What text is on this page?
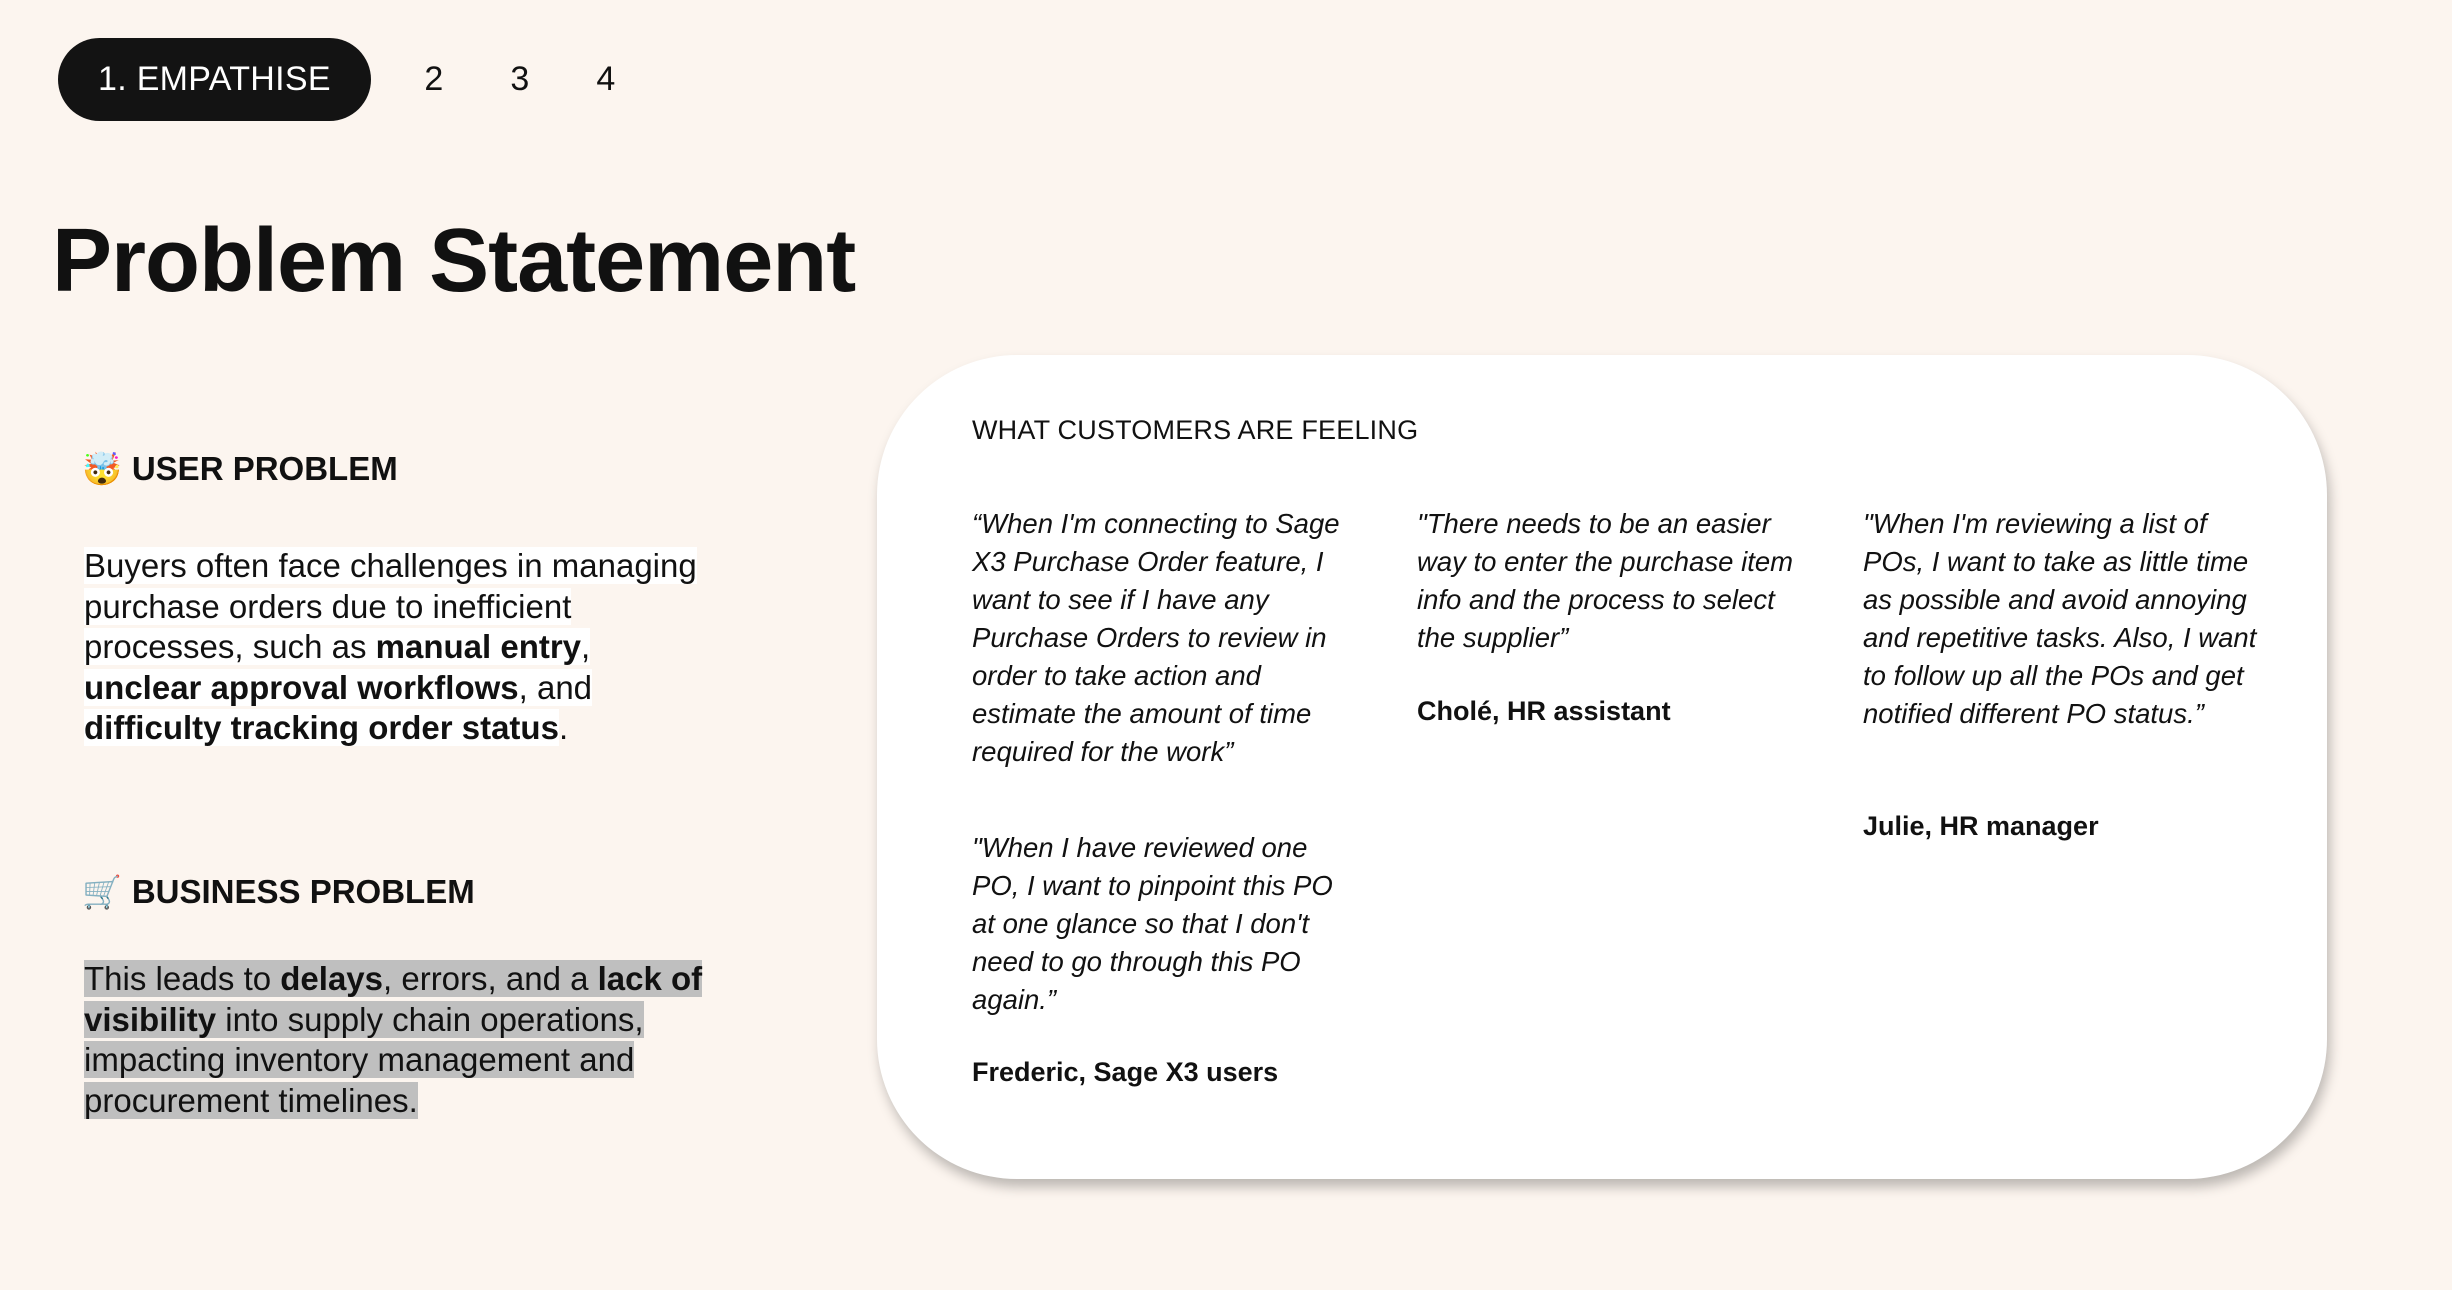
1. EMPATHISE	2	3	4
Problem Statement
🤯 USER PROBLEM

Buyers often face challenges in managing purchase orders due to inefficient processes, such as manual entry, unclear approval workflows, and difficulty tracking order status.

🛒 BUSINESS PROBLEM

This leads to delays, errors, and a lack of visibility into supply chain operations, impacting inventory management and procurement timelines.

WHAT CUSTOMERS ARE FEELING

“When I'm connecting to Sage X3 Purchase Order feature, I want to see if I have any Purchase Orders to review in order to take action and estimate the amount of time required for the work”

"There needs to be an easier way to enter the purchase item info and the process to select the supplier”

Cholé, HR assistant

"When I'm reviewing a list of POs, I want to take as little time as possible and avoid annoying and repetitive tasks. Also, I want to follow up all the POs and get notified different PO status.”

Julie, HR manager

"When I have reviewed one PO, I want to pinpoint this PO at one glance so that I don't need to go through this PO again.”

Frederic, Sage X3 users
